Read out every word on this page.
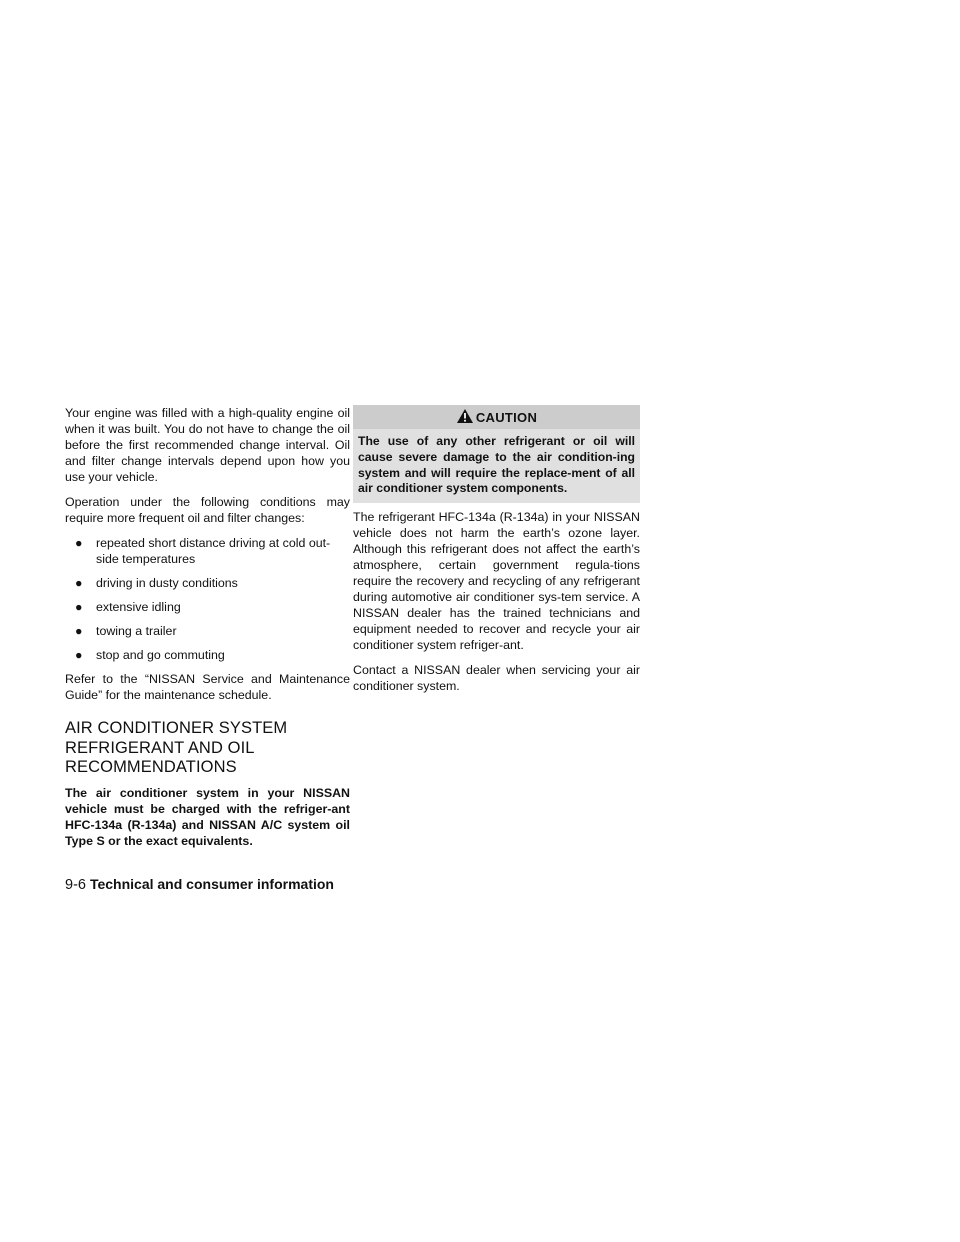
Your engine was filled with a high-quality engine oil when it was built. You do not have to change the oil before the first recommended change interval. Oil and filter change intervals depend upon how you use your vehicle.

Operation under the following conditions may require more frequent oil and filter changes:

● repeated short distance driving at cold out-side temperatures
● driving in dusty conditions
● extensive idling
● towing a trailer
● stop and go commuting

Refer to the “NISSAN Service and Maintenance Guide” for the maintenance schedule.

AIR CONDITIONER SYSTEM REFRIGERANT AND OIL RECOMMENDATIONS

The air conditioner system in your NISSAN vehicle must be charged with the refriger-ant HFC-134a (R-134a) and NISSAN A/C system oil Type S or the exact equivalents.

CAUTION
The use of any other refrigerant or oil will cause severe damage to the air condition-ing system and will require the replace-ment of all air conditioner system components.

The refrigerant HFC-134a (R-134a) in your NISSAN vehicle does not harm the earth’s ozone layer. Although this refrigerant does not affect the earth’s atmosphere, certain government regula-tions require the recovery and recycling of any refrigerant during automotive air conditioner sys-tem service. A NISSAN dealer has the trained technicians and equipment needed to recover and recycle your air conditioner system refriger-ant.

Contact a NISSAN dealer when servicing your air conditioner system.

9-6 Technical and consumer information
